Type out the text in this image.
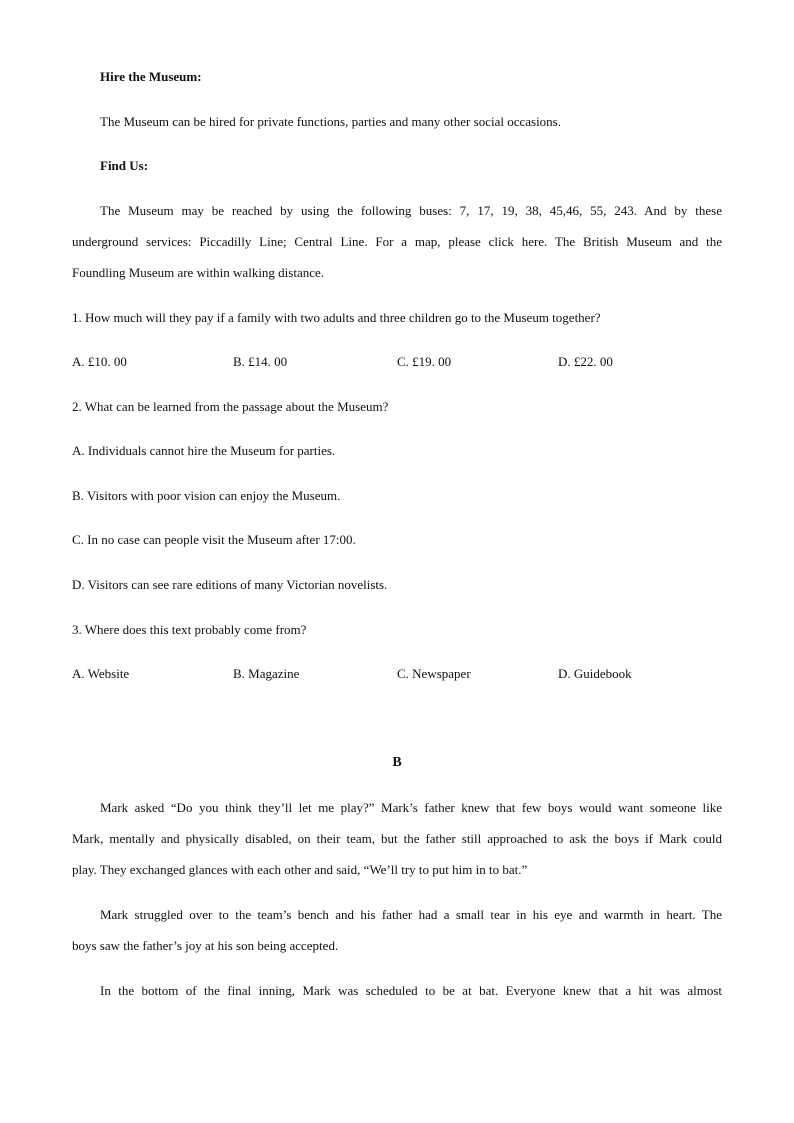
Hire the Museum:
The Museum can be hired for private functions, parties and many other social occasions.
Find Us:
The Museum may be reached by using the following buses: 7, 17, 19, 38, 45,46, 55, 243. And by these
underground services: Piccadilly Line; Central Line. For a map, please click here. The British Museum and the
Foundling Museum are within walking distance.
1. How much will they pay if a family with two adults and three children go to the Museum together?
A. £10. 00	B. £14. 00	C. £19. 00	D. £22. 00
2. What can be learned from the passage about the Museum?
A. Individuals cannot hire the Museum for parties.
B. Visitors with poor vision can enjoy the Museum.
C. In no case can people visit the Museum after 17:00.
D. Visitors can see rare editions of many Victorian novelists.
3. Where does this text probably come from?
A. Website	B. Magazine	C. Newspaper	D. Guidebook
B
Mark asked “Do you think they’ll let me play?” Mark’s father knew that few boys would want someone like
Mark, mentally and physically disabled, on their team, but the father still approached to ask the boys if Mark could
play. They exchanged glances with each other and said, “We’ll try to put him in to bat.”
Mark struggled over to the team’s bench and his father had a small tear in his eye and warmth in heart. The
boys saw the father’s joy at his son being accepted.
In the bottom of the final inning, Mark was scheduled to be at bat. Everyone knew that a hit was almost
